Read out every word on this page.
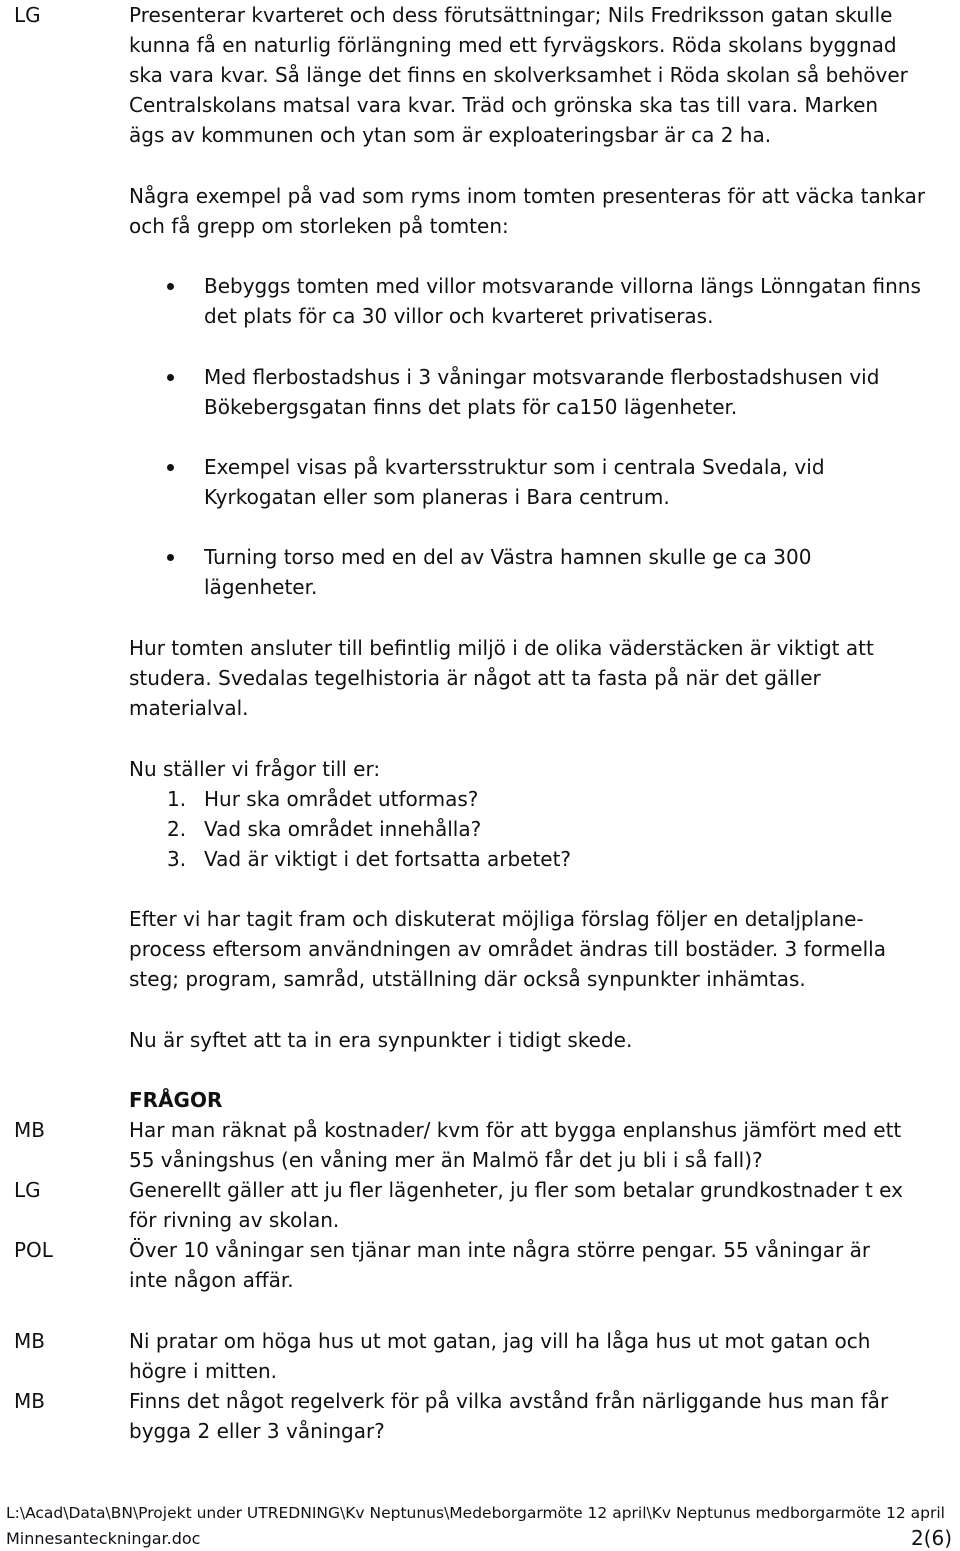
LG	Presenterar kvarteret och dess förutsättningar; Nils Fredriksson gatan skulle
kunna få en naturlig förlängning med ett fyrvägskors. Röda skolans byggnad
ska vara kvar. Så länge det finns en skolverksamhet i Röda skolan så behöver
Centralskolans matsal vara kvar. Träd och grönska ska tas till vara. Marken
ägs av kommunen och ytan som är exploateringsbar är ca 2 ha.
Några exempel på vad som ryms inom tomten presenteras för att väcka tankar
och få grepp om storleken på tomten:
Bebyggs tomten med villor motsvarande villorna längs Lönngatan finns
det plats för ca 30 villor och kvarteret privatiseras.
Med flerbostadshus i 3 våningar motsvarande flerbostadshusen vid
Bökebergsgatan finns det plats för ca150 lägenheter.
Exempel visas på kvartersstruktur som i centrala Svedala, vid
Kyrkogatan eller som planeras i Bara centrum.
Turning torso med en del av Västra hamnen skulle ge ca 300
lägenheter.
Hur tomten ansluter till befintlig miljö i de olika väderstäcken är viktigt att
studera. Svedalas tegelhistoria är något att ta fasta på när det gäller
materialval.
Nu ställer vi frågor till er:
1. Hur ska området utformas?
2. Vad ska området innehålla?
3. Vad är viktigt i det fortsatta arbetet?
Efter vi har tagit fram och diskuterat möjliga förslag följer en detaljplane-
process eftersom användningen av området ändras till bostäder. 3 formella
steg; program, samråd, utställning där också synpunkter inhämtas.
Nu är syftet att ta in era synpunkter i tidigt skede.
FRÅGOR
MB	Har man räknat på kostnader/ kvm för att bygga enplanshus jämfört med ett
55 våningshus (en våning mer än Malmö får det ju bli i så fall)?
LG	Generellt gäller att ju fler lägenheter, ju fler som betalar grundkostnader t ex
för rivning av skolan.
POL	Över 10 våningar sen tjänar man inte några större pengar. 55 våningar är
inte någon affär.
MB	Ni pratar om höga hus ut mot gatan, jag vill ha låga hus ut mot gatan och
högre i mitten.
MB	Finns det något regelverk för på vilka avstånd från närliggande hus man får
bygga 2 eller 3 våningar?
L:\Acad\Data\BN\Projekt under UTREDNING\Kv Neptunus\Medeborgarmöte 12 april\Kv Neptunus medborgarmöte 12 april
Minnesanteckningar.doc	2(6)
